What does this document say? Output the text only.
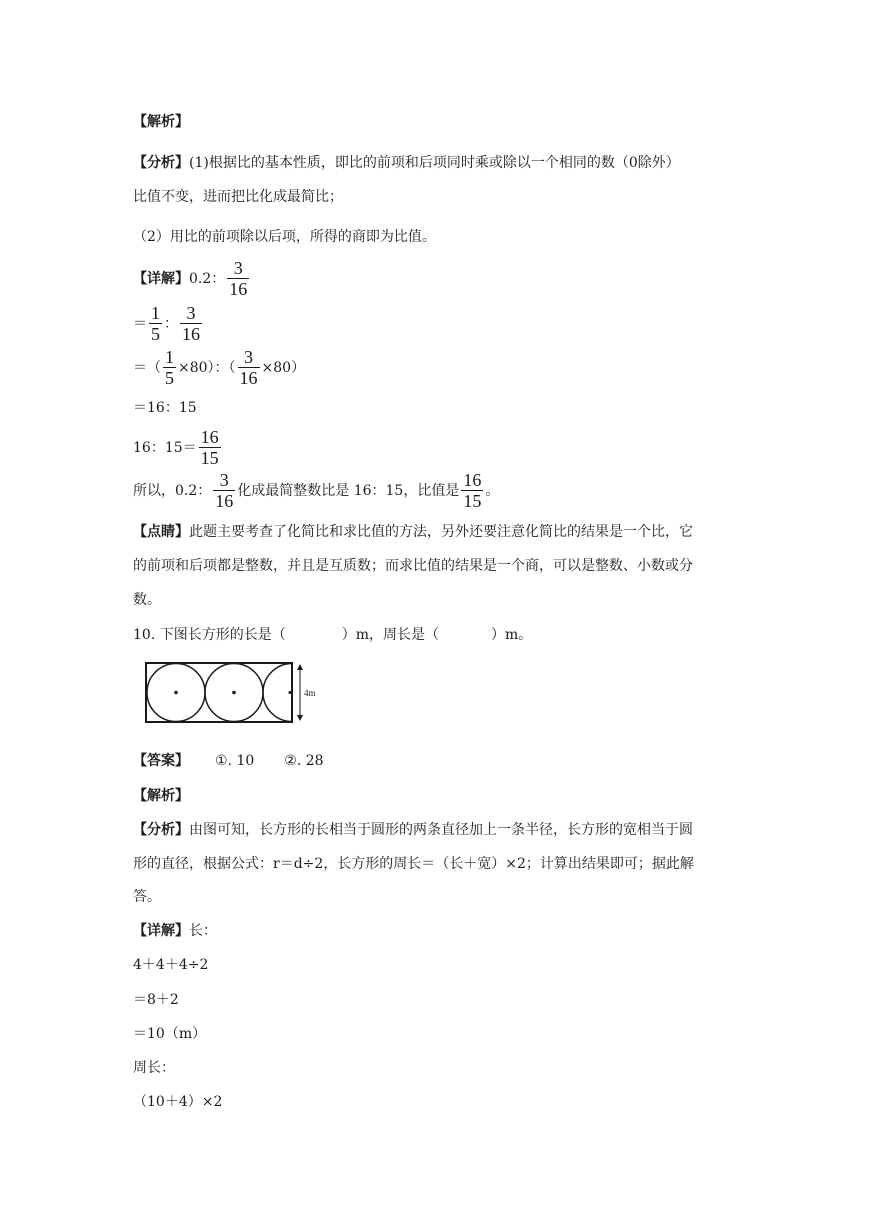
【解析】
【分析】(1)根据比的基本性质，即比的前项和后项同时乘或除以一个相同的数（0除外）
比值不变，进而把比化成最简比；
（2）用比的前项除以后项，所得的商即为比值。
【详解】0.2： $\frac{3}{16}$
＝ $\frac{1}{5}$ ： $\frac{3}{16}$
＝（ $\frac{1}{5} \times 80$）：（ $\frac{3}{16} \times 80$）
＝16：15
16：$15= \frac{16}{15}$
所以，0.2： $\frac{3}{16}$ 化成最简整数比是 16：15，比值是 $\frac{16}{15}$ 。
【点睛】此题主要考查了化简比和求比值的方法，另外还要注意化简比的结果是一个比，它
的前项和后项都是整数，并且是互质数；而求比值的结果是一个商，可以是整数、小数或分
数。
10. 下图长方形的长是（	）m，周长是（	）m。
4m
【答案】 ①. 10 ②. 28
【解析】
【分析】由图可知，长方形的长相当于圆形的两条直径加上一条半径，长方形的宽相当于圆
形的直径，根据公式：r＝d÷2，长方形的周长＝（长＋宽）×2；计算出结果即可；据此解
答。
【详解】长：
4＋4＋4÷2
＝8＋2
＝10（m）
周长：
（10＋4）×2
